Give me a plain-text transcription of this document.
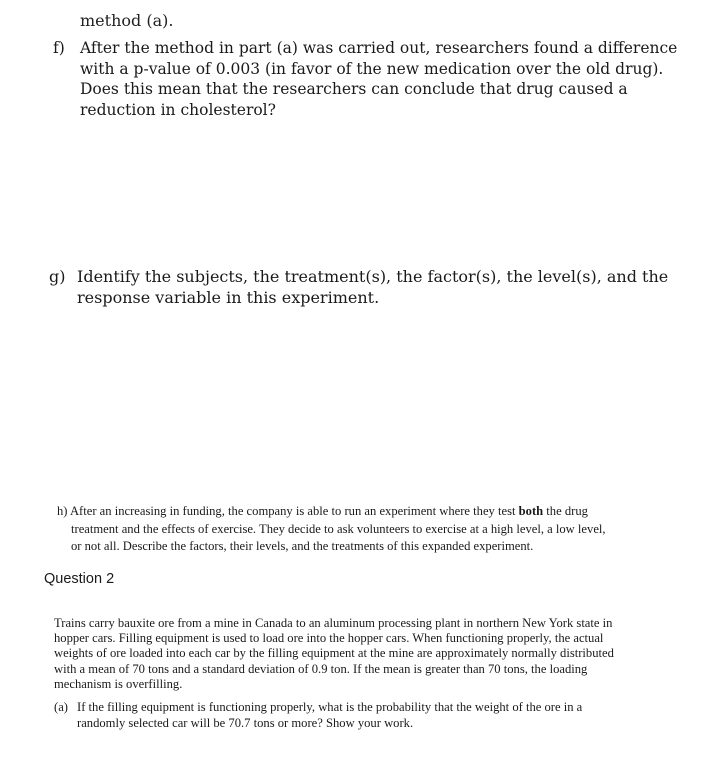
method (a).
f) After the method in part (a) was carried out, researchers found a difference
with a p-value of 0.003 (in favor of the new medication over the old drug).
Does this mean that the researchers can conclude that drug caused a
reduction in cholesterol?
g) Identify the subjects, the treatment(s), the factor(s), the level(s), and the
response variable in this experiment.
h) After an increasing in funding, the company is able to run an experiment where they test both the drug
treatment and the effects of exercise. They decide to ask volunteers to exercise at a high level, a low level,
or not all. Describe the factors, their levels, and the treatments of this expanded experiment.
Question 2
Trains carry bauxite ore from a mine in Canada to an aluminum processing plant in northern New York state in
hopper cars. Filling equipment is used to load ore into the hopper cars. When functioning properly, the actual
weights of ore loaded into each car by the filling equipment at the mine are approximately normally distributed
with a mean of 70 tons and a standard deviation of 0.9 ton. If the mean is greater than 70 tons, the loading
mechanism is overfilling.
(a) If the filling equipment is functioning properly, what is the probability that the weight of the ore in a
randomly selected car will be 70.7 tons or more? Show your work.
